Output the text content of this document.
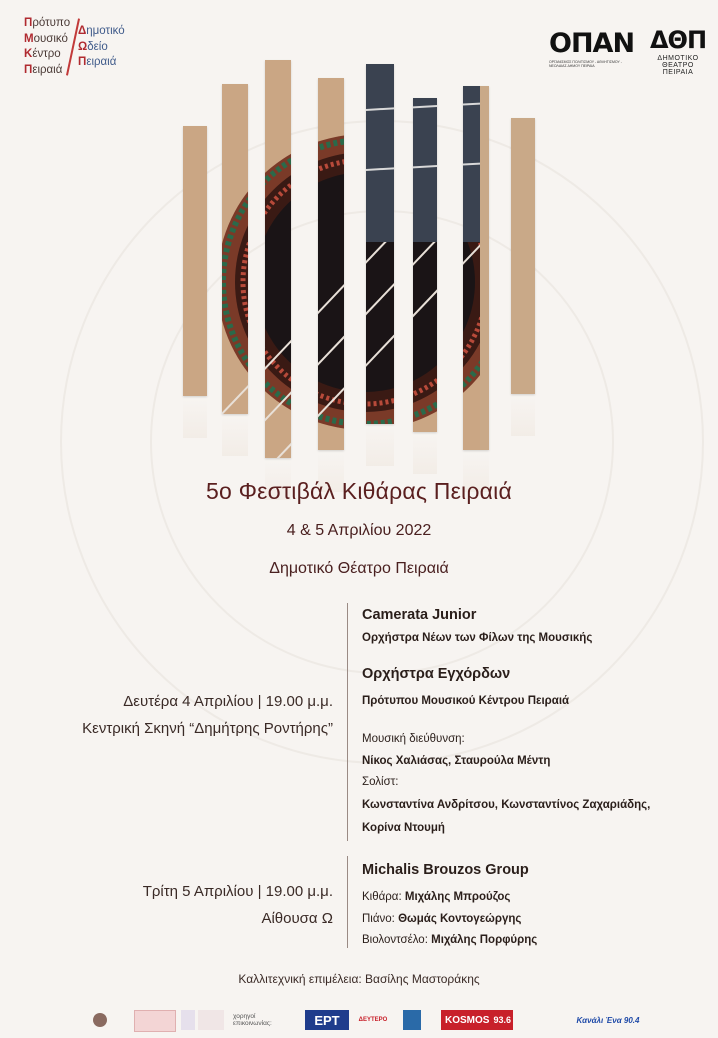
Πρότυπο
Μουσικό
Κέντρο
Πειραιά
Δημοτικό
Ωδείο
Πειραιά
ΟΠΑΝ
ΟΡΓΑΝΙΣΜΟΣ ΠΟΛΙΤΙΣΜΟΥ - ΑΘΛΗΤΙΣΜΟΥ - ΝΕΟΛΑΙΑΣ ΔΗΜΟΥ ΠΕΙΡΑΙΑ
ΔΘΠ
ΔΗΜΟΤΙΚΟ
ΘΕΑΤΡΟ ΠΕΙΡΑΙΑ
5ο Φεστιβάλ Κιθάρας Πειραιά
4 & 5 Απριλίου 2022
Δημοτικό Θέατρο Πειραιά
Δευτέρα 4 Απριλίου | 19.00 μ.μ.
Κεντρική Σκηνή “Δημήτρης Ροντήρης”
Camerata Junior
Ορχήστρα Νέων των Φίλων της Μουσικής
Ορχήστρα Εγχόρδων
Πρότυπου Μουσικού Κέντρου Πειραιά
Μουσική διεύθυνση:
Νίκος Χαλιάσας, Σταυρούλα Μέντη
Σολίστ:
Κωνσταντίνα Ανδρίτσου, Κωνσταντίνος Ζαχαριάδης,
Κορίνα Ντουμή
Τρίτη 5 Απριλίου | 19.00 μ.μ.
Αίθουσα Ω
Michalis Brouzos Group
Κιθάρα: Μιχάλης Μπρούζος
Πιάνο: Θωμάς Κοντογεώργης
Βιολοντσέλο: Μιχάλης Πορφύρης
Καλλιτεχνική επιμέλεια: Βασίλης Μαστοράκης
χορηγοί επικοινωνίας:	ΕΡΤ	ΔΕΥΤΕΡΟ	KOSMOS 93.6	Κανάλι Ένα 90.4
